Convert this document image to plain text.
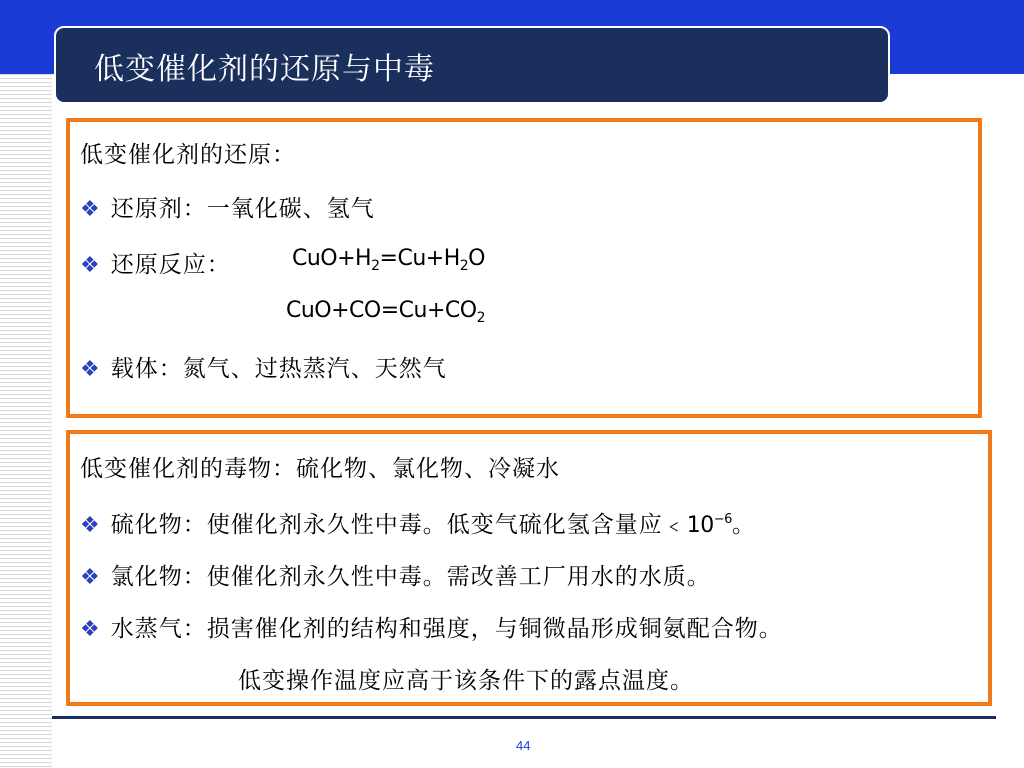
低变催化剂的还原与中毒
低变催化剂的还原：
❖ 还原剂：一氧化碳、氢气
❖ 还原反应：	$CuO+H_2=Cu+H_2O$
$CuO+CO=Cu+CO_2$
❖ 载体：氮气、过热蒸汽、天然气
低变催化剂的毒物：硫化物、氯化物、冷凝水
❖ 硫化物：使催化剂永久性中毒。低变气硫化氢含量应$﹤10^{-6}$。
❖ 氯化物：使催化剂永久性中毒。需改善工厂用水的水质。
❖ 水蒸气：损害催化剂的结构和强度，与铜微晶形成铜氨配合物。
低变操作温度应高于该条件下的露点温度。
44
